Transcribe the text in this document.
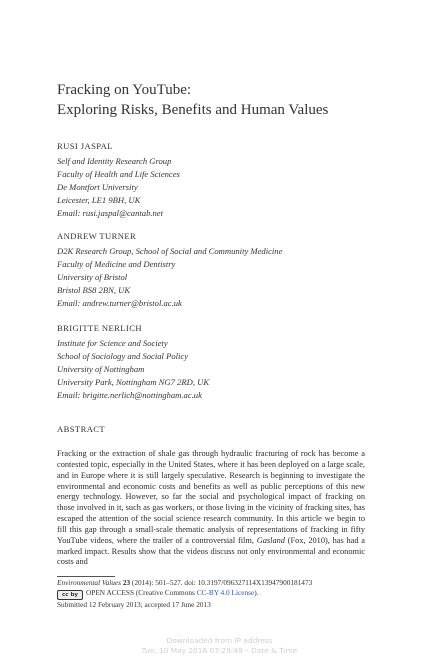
Fracking on YouTube:
Exploring Risks, Benefits and Human Values
RUSI JASPAL
Self and Identity Research Group
Faculty of Health and Life Sciences
De Montfort University
Leicester, LE1 9BH, UK
Email: rusi.jaspal@cantab.net
ANDREW TURNER
D2K Research Group, School of Social and Community Medicine
Faculty of Medicine and Dentistry
University of Bristol
Bristol BS8 2BN, UK
Email: andrew.turner@bristol.ac.uk
BRIGITTE NERLICH
Institute for Science and Society
School of Sociology and Social Policy
University of Nottingham
University Park, Nottingham NG7 2RD, UK
Email: brigitte.nerlich@nottingham.ac.uk
ABSTRACT
Fracking or the extraction of shale gas through hydraulic fracturing of rock has become a contested topic, especially in the United States, where it has been deployed on a large scale, and in Europe where it is still largely speculative. Research is beginning to investigate the environmental and economic costs and benefits as well as public perceptions of this new energy technology. However, so far the social and psychological impact of fracking on those involved in it, such as gas workers, or those living in the vicinity of fracking sites, has escaped the attention of the social science research community. In this article we begin to fill this gap through a small-scale thematic analysis of representations of fracking in fifty YouTube videos, where the trailer of a controversial film, Gasland (Fox, 2010), has had a marked impact. Results show that the videos discuss not only environmental and economic costs and
Environmental Values 23 (2014): 501–527. doi: 10.3197/096327114X13947900181473
cc by OPEN ACCESS (Creative Commons CC-BY 4.0 License).
Submitted 12 February 2013; accepted 17 June 2013
Downloaded from IP address
Tue, 10 May 2016 07:29:49 – Date & Time
